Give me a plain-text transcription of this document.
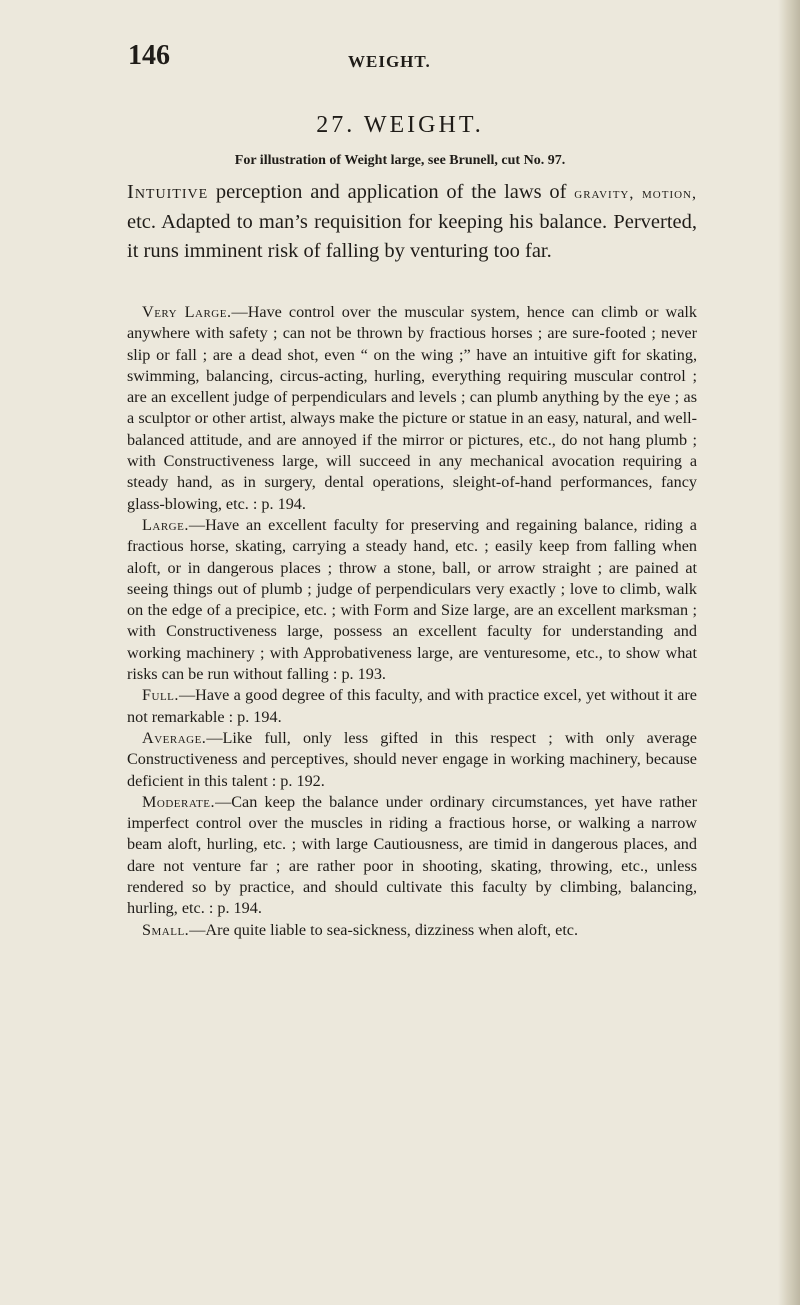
146	WEIGHT.
27. WEIGHT.
For illustration of Weight large, see Brunell, cut No. 97.

Intuitive perception and application of the laws of gravity, motion, etc. Adapted to man’s requisition for keeping his balance. Perverted, it runs imminent risk of falling by venturing too far.

Very Large.—Have control over the muscular system, hence can climb or walk anywhere with safety ; can not be thrown by fractious horses ; are sure-footed ; never slip or fall ; are a dead shot, even “ on the wing ;” have an intuitive gift for skating, swimming, balancing, circus-acting, hurling, everything requiring muscular control ; are an excellent judge of perpendiculars and levels ; can plumb anything by the eye ; as a sculptor or other artist, always make the picture or statue in an easy, natural, and well-balanced attitude, and are annoyed if the mirror or pictures, etc., do not hang plumb ; with Constructiveness large, will succeed in any mechanical avocation requiring a steady hand, as in surgery, dental operations, sleight-of-hand performances, fancy glass-blowing, etc. : p. 194.

Large.—Have an excellent faculty for preserving and regaining balance, riding a fractious horse, skating, carrying a steady hand, etc. ; easily keep from falling when aloft, or in dangerous places ; throw a stone, ball, or arrow straight ; are pained at seeing things out of plumb ; judge of perpendiculars very exactly ; love to climb, walk on the edge of a precipice, etc. ; with Form and Size large, are an excellent marksman ; with Constructiveness large, possess an excellent faculty for understanding and working machinery ; with Approbativeness large, are venturesome, etc., to show what risks can be run without falling : p. 193.

Full.—Have a good degree of this faculty, and with practice excel, yet without it are not remarkable : p. 194.

Average.—Like full, only less gifted in this respect ; with only average Constructiveness and perceptives, should never engage in working machinery, because deficient in this talent : p. 192.

Moderate.—Can keep the balance under ordinary circumstances, yet have rather imperfect control over the muscles in riding a fractious horse, or walking a narrow beam aloft, hurling, etc. ; with large Cautiousness, are timid in dangerous places, and dare not venture far ; are rather poor in shooting, skating, throwing, etc., unless rendered so by practice, and should cultivate this faculty by climbing, balancing, hurling, etc. : p. 194.

Small.—Are quite liable to sea-sickness, dizziness when aloft, etc.
